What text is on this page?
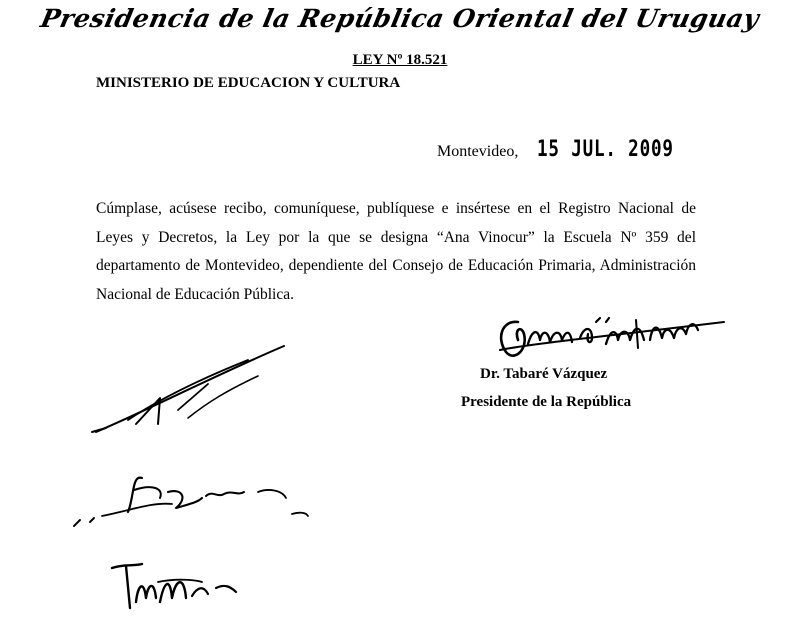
Presidencia de la República Oriental del Uruguay
LEY Nº 18.521
MINISTERIO DE EDUCACION Y CULTURA
Montevideo, 15 JUL. 2009
Cúmplase, acúsese recibo, comuníquese, publíquese e insértese en el Registro Nacional de Leyes y Decretos, la Ley por la que se designa “Ana Vinocur” la Escuela Nº 359 del departamento de Montevideo, dependiente del Consejo de Educación Primaria, Administración Nacional de Educación Pública.
Dr. Tabaré Vázquez
Presidente de la República
